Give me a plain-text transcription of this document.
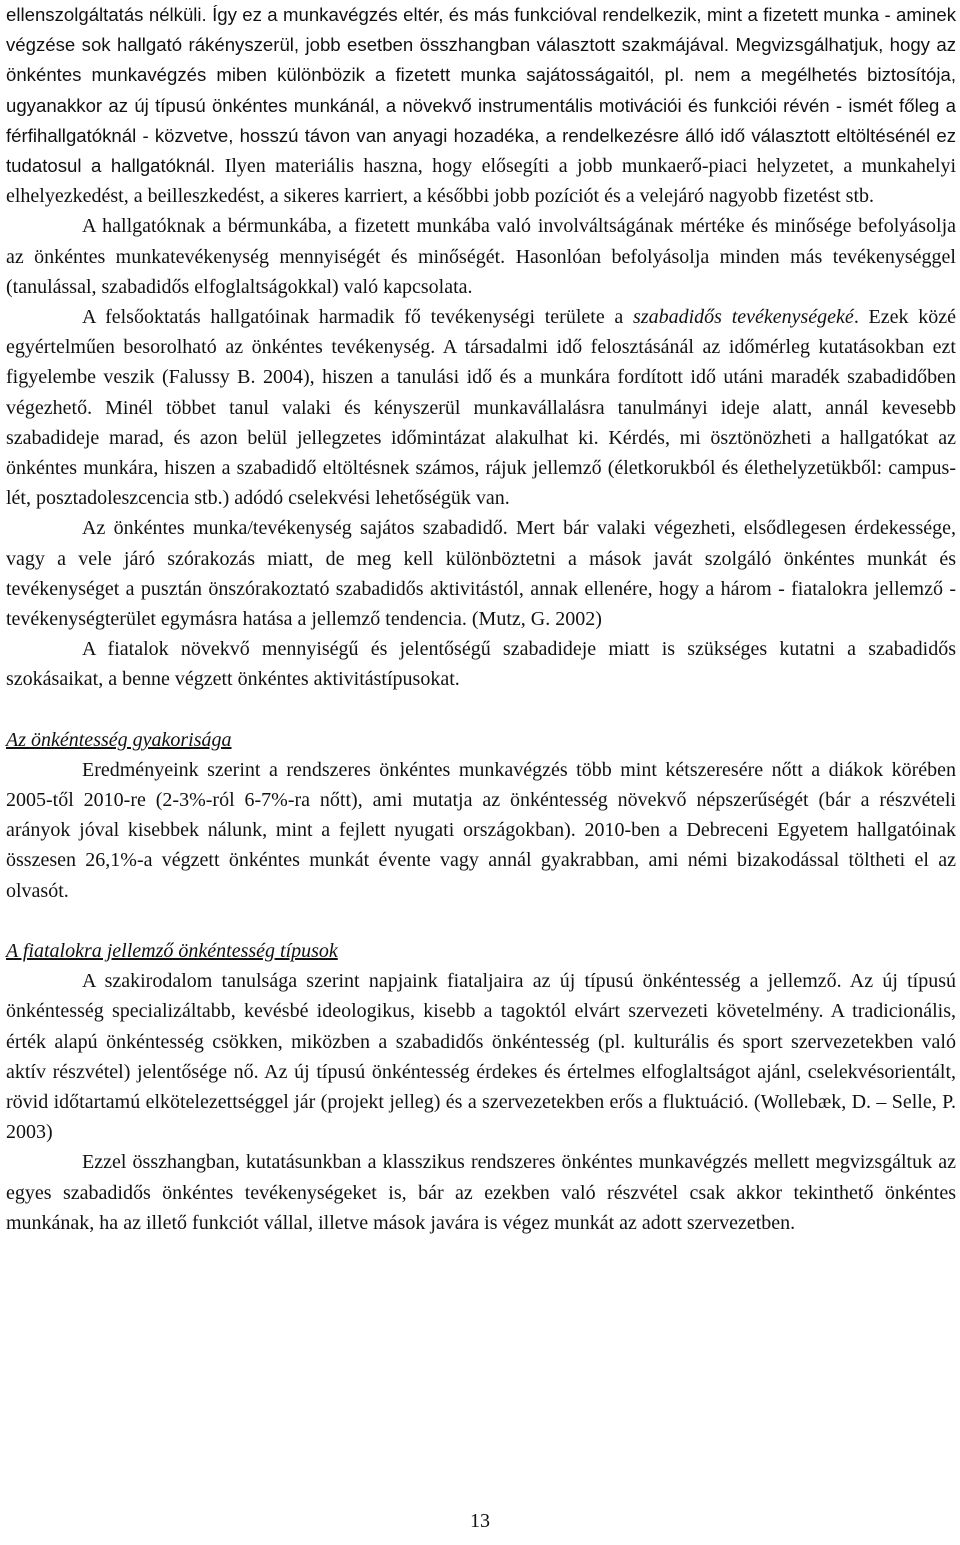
ellenszolgáltatás nélküli. Így ez a munkavégzés eltér, és más funkcióval rendelkezik, mint a fizetett munka - aminek végzése sok hallgató rákényszerül, jobb esetben összhangban választott szakmájával. Megvizsgálhatjuk, hogy az önkéntes munkavégzés miben különbözik a fizetett munka sajátosságaitól, pl. nem a megélhetés biztosítója, ugyanakkor az új típusú önkéntes munkánál, a növekvő instrumentális motivációi és funkciói révén - ismét főleg a férfihallgatóknál - közvetve, hosszú távon van anyagi hozadéka, a rendelkezésre álló idő választott eltöltésénél ez tudatosul a hallgatóknál. Ilyen materiális haszna, hogy elősegíti a jobb munkaerő-piaci helyzetet, a munkahelyi elhelyezkedést, a beilleszkedést, a sikeres karriert, a későbbi jobb pozíciót és a velejáró nagyobb fizetést stb.

A hallgatóknak a bérmunkába, a fizetett munkába való involváltságának mértéke és minősége befolyásolja az önkéntes munkatevékenység mennyiségét és minőségét. Hasonlóan befolyásolja minden más tevékenységgel (tanulással, szabadidős elfoglaltságokkal) való kapcsolata.

A felsőoktatás hallgatóinak harmadik fő tevékenységi területe a szabadidős tevékenységeké. Ezek közé egyértelműen besorolható az önkéntes tevékenység. A társadalmi idő felosztásánál az időmérleg kutatásokban ezt figyelembe veszik (Falussy B. 2004), hiszen a tanulási idő és a munkára fordított idő utáni maradék szabadidőben végezhető. Minél többet tanul valaki és kényszerül munkavállalásra tanulmányi ideje alatt, annál kevesebb szabadideje marad, és azon belül jellegzetes időmintázat alakulhat ki. Kérdés, mi ösztönözheti a hallgatókat az önkéntes munkára, hiszen a szabadidő eltöltésnek számos, rájuk jellemző (életkorukból és élethelyzetükből: campus-lét, posztadoleszcencia stb.) adódó cselekvési lehetőségük van.

Az önkéntes munka/tevékenység sajátos szabadidő. Mert bár valaki végezheti, elsődlegesen érdekessége, vagy a vele járó szórakozás miatt, de meg kell különböztetni a mások javát szolgáló önkéntes munkát és tevékenységet a pusztán önszórakoztató szabadidős aktivitástól, annak ellenére, hogy a három - fiatalokra jellemző - tevékenységterület egymásra hatása a jellemző tendencia. (Mutz, G. 2002)

A fiatalok növekvő mennyiségű és jelentőségű szabadideje miatt is szükséges kutatni a szabadidős szokásaikat, a benne végzett önkéntes aktivitástípusokat.

Az önkéntesség gyakorisága

Eredményeink szerint a rendszeres önkéntes munkavégzés több mint kétszeresére nőtt a diákok körében 2005-től 2010-re (2-3%-ról 6-7%-ra nőtt), ami mutatja az önkéntesség növekvő népszerűségét (bár a részvételi arányok jóval kisebbek nálunk, mint a fejlett nyugati országokban). 2010-ben a Debreceni Egyetem hallgatóinak összesen 26,1%-a végzett önkéntes munkát évente vagy annál gyakrabban, ami némi bizakodással töltheti el az olvasót.

A fiatalokra jellemző önkéntesség típusok

A szakirodalom tanulsága szerint napjaink fiataljaira az új típusú önkéntesség a jellemző. Az új típusú önkéntesség specializáltabb, kevésbé ideologikus, kisebb a tagoktól elvárt szervezeti követelmény. A tradicionális, érték alapú önkéntesség csökken, miközben a szabadidős önkéntesség (pl. kulturális és sport szervezetekben való aktív részvétel) jelentősége nő. Az új típusú önkéntesség érdekes és értelmes elfoglaltságot ajánl, cselekvésorientált, rövid időtartamú elkötelezettséggel jár (projekt jelleg) és a szervezetekben erős a fluktuáció. (Wollebæk, D. – Selle, P. 2003)

Ezzel összhangban, kutatásunkban a klasszikus rendszeres önkéntes munkavégzés mellett megvizsgáltuk az egyes szabadidős önkéntes tevékenységeket is, bár az ezekben való részvétel csak akkor tekinthető önkéntes munkának, ha az illető funkciót vállal, illetve mások javára is végez munkát az adott szervezetben.

13
